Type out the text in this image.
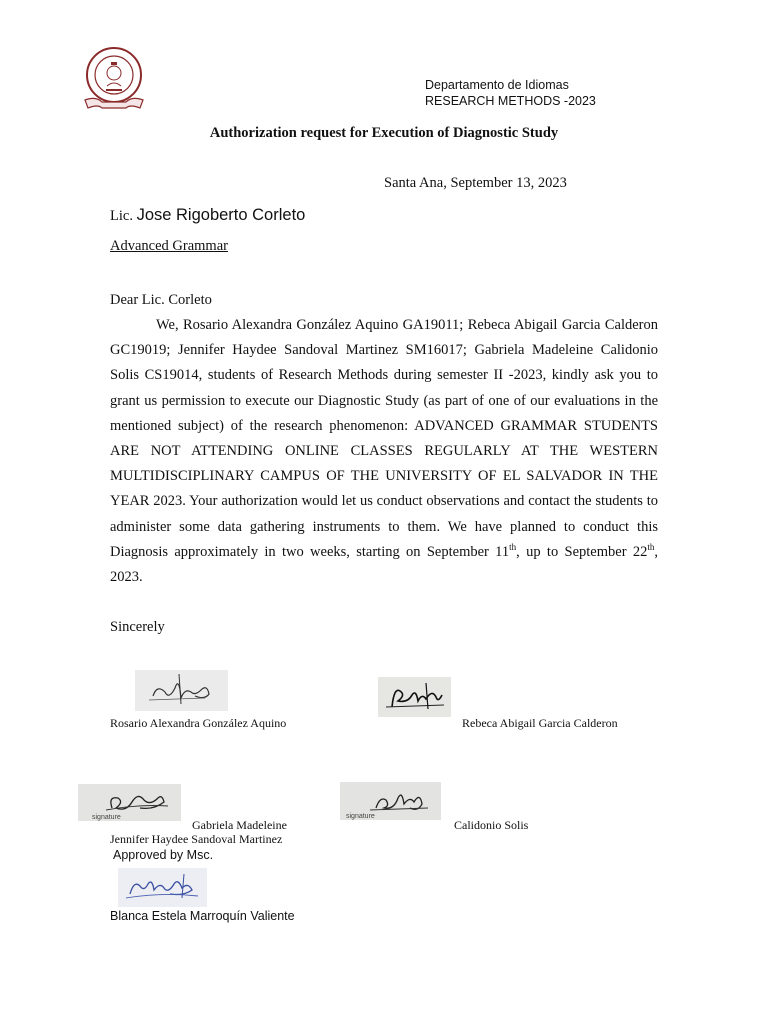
Departamento de Idiomas
RESEARCH METHODS -2023
Authorization request for Execution of Diagnostic Study
Santa Ana, September 13, 2023
Lic. Jose Rigoberto Corleto
Advanced Grammar
Dear Lic. Corleto

We, Rosario Alexandra González Aquino GA19011; Rebeca Abigail Garcia Calderon GC19019; Jennifer Haydee Sandoval Martinez SM16017; Gabriela Madeleine Calidonio Solis CS19014, students of Research Methods during semester II -2023, kindly ask you to grant us permission to execute our Diagnostic Study (as part of one of our evaluations in the mentioned subject) of the research phenomenon: ADVANCED GRAMMAR STUDENTS ARE NOT ATTENDING ONLINE CLASSES REGULARLY AT THE WESTERN MULTIDISCIPLINARY CAMPUS OF THE UNIVERSITY OF EL SALVADOR IN THE YEAR 2023. Your authorization would let us conduct observations and contact the students to administer some data gathering instruments to them. We have planned to conduct this Diagnosis approximately in two weeks, starting on September 11th, up to September 22th, 2023.

Sincerely
signature	signature
Rosario Alexandra González Aquino	Rebeca Abigail Garcia Calderon
Gabriela Madeleine
Jennifer Haydee Sandoval Martinez
Calidonio Solis
Approved by Msc.
Blanca Estela Marroquín Valiente
